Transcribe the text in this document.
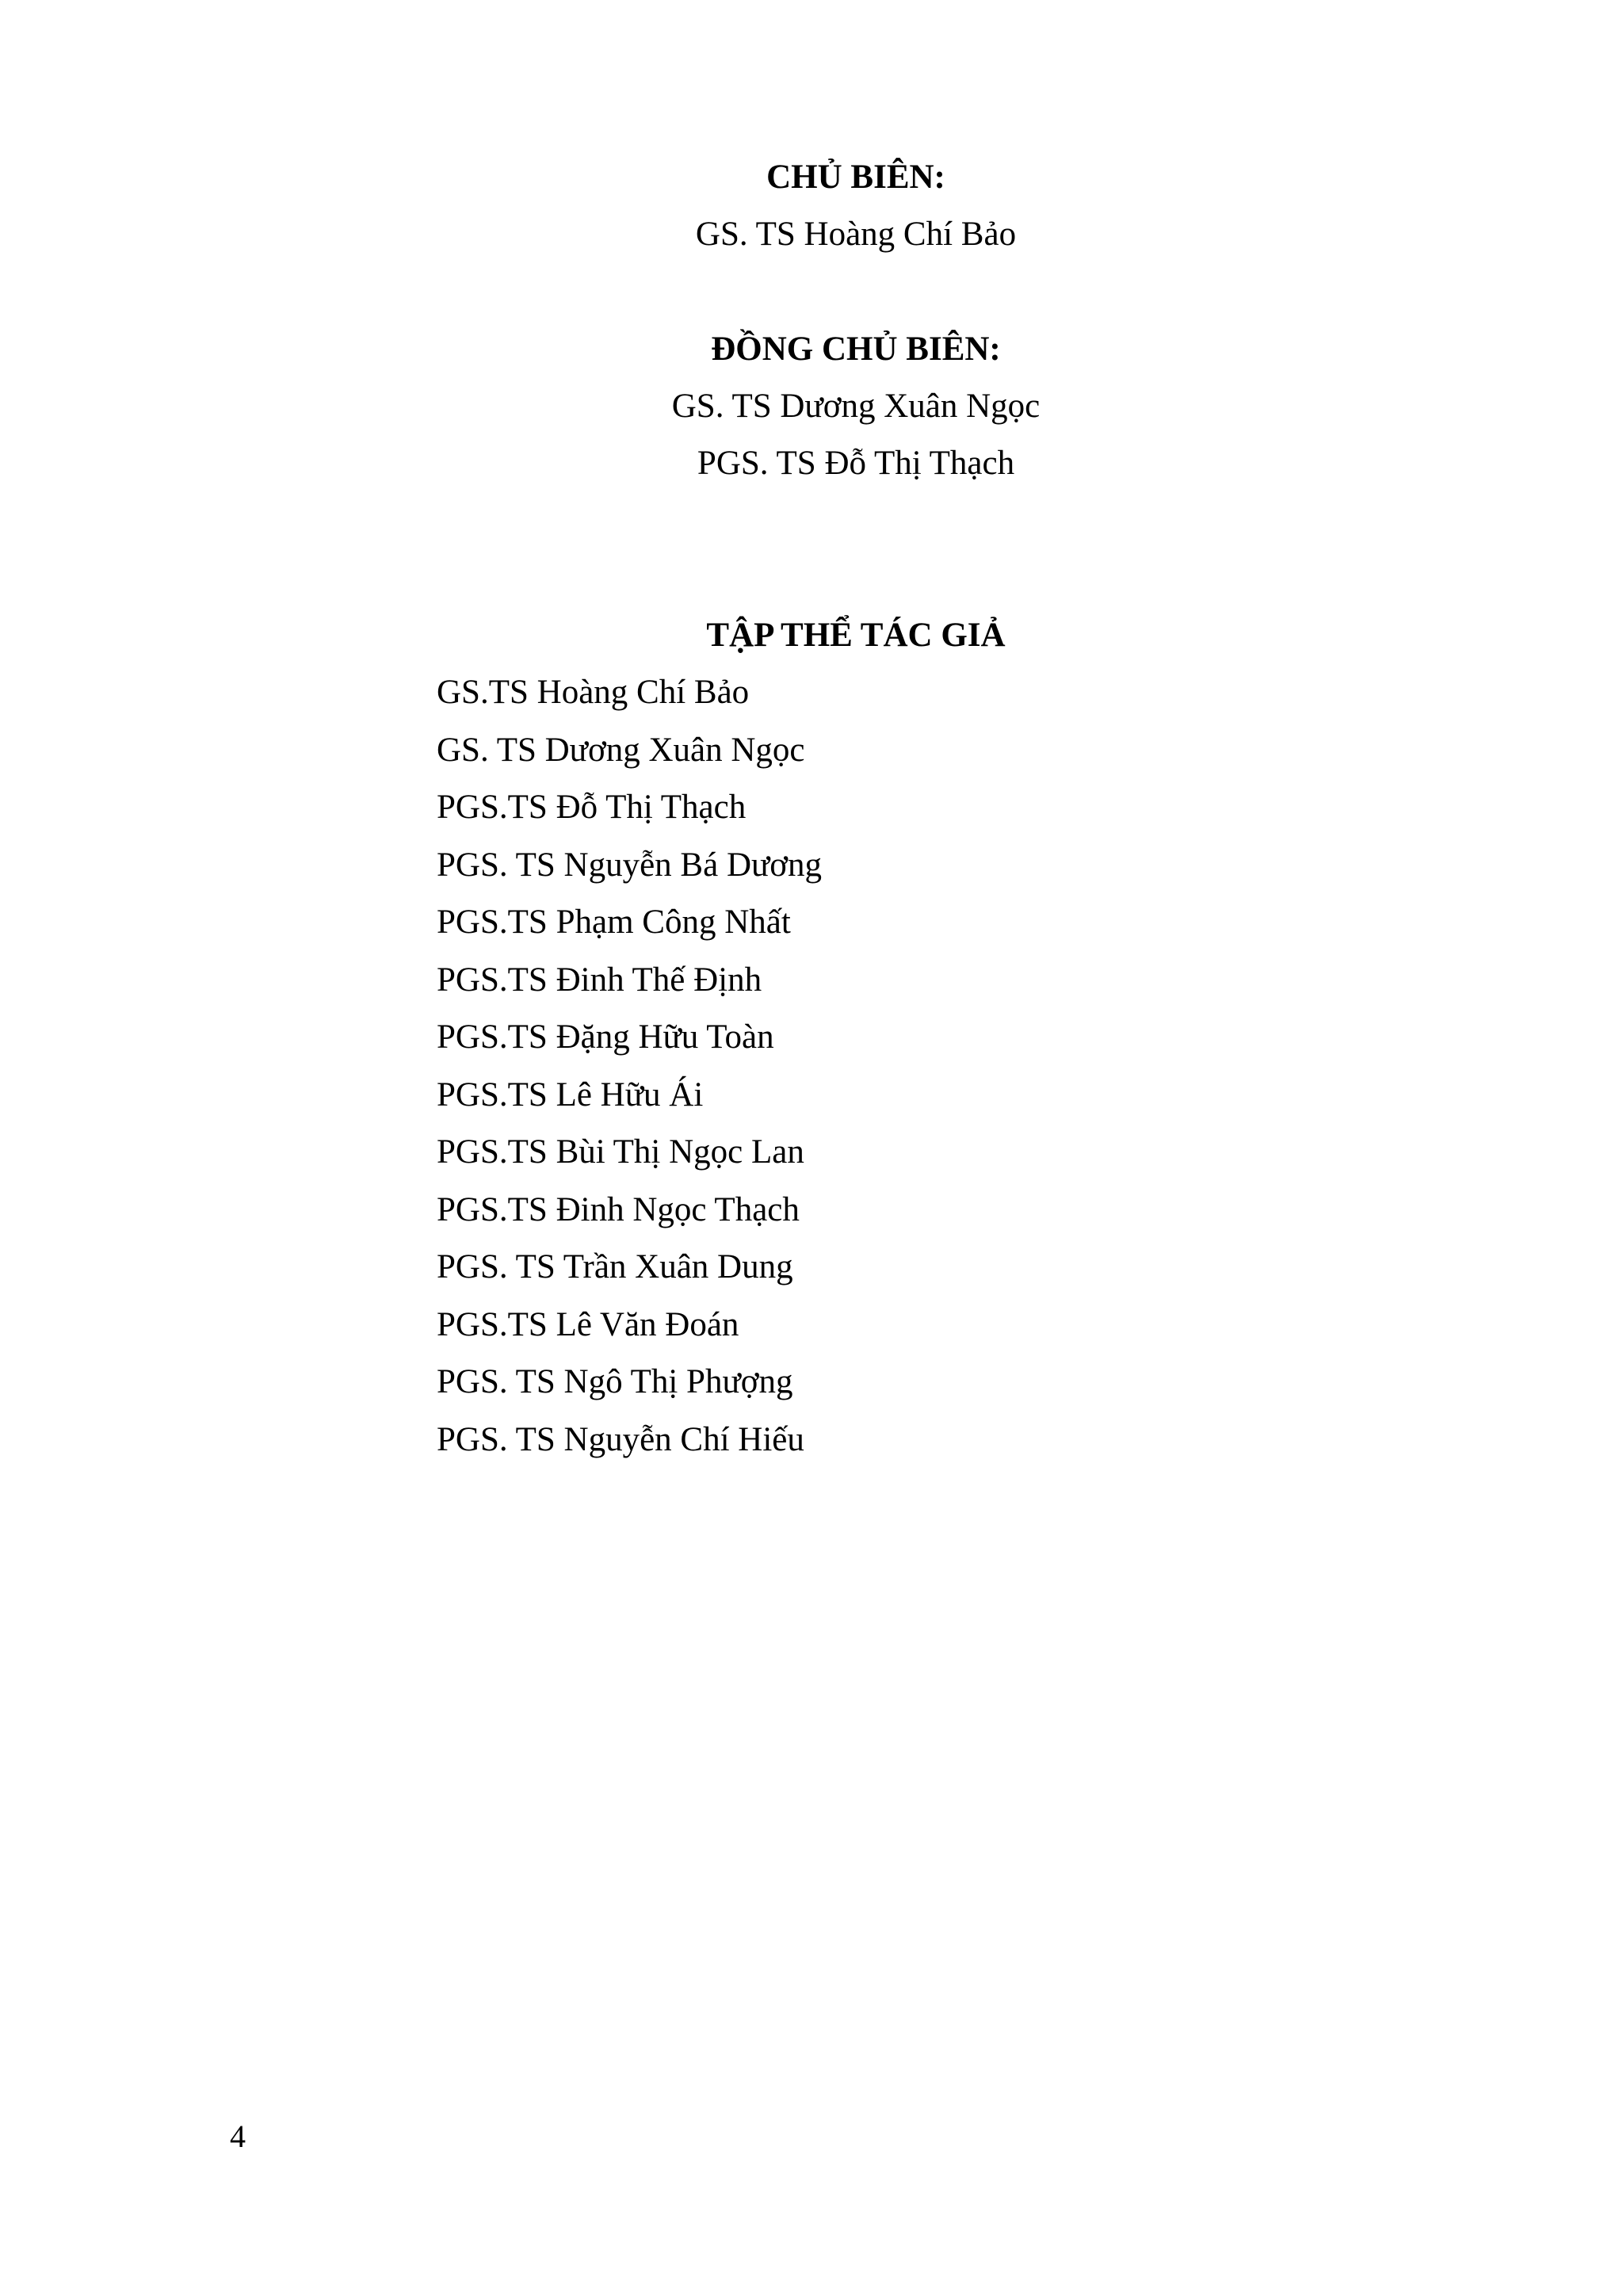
CHỦ BIÊN:

GS. TS Hoàng Chí Bảo

ĐỒNG CHỦ BIÊN:

GS. TS Dương Xuân Ngọc

PGS. TS Đỗ Thị Thạch

TẬP THỂ TÁC GIẢ

GS.TS Hoàng Chí Bảo
GS. TS Dương Xuân Ngọc
PGS.TS Đỗ Thị Thạch
PGS. TS Nguyễn Bá Dương
PGS.TS Phạm Công Nhất
PGS.TS Đinh Thế Định
PGS.TS Đặng Hữu Toàn
PGS.TS Lê Hữu Ái
PGS.TS Bùi Thị Ngọc Lan
PGS.TS Đinh Ngọc Thạch
PGS. TS Trần Xuân Dung
PGS.TS Lê Văn Đoán
PGS. TS Ngô Thị Phượng
PGS. TS Nguyễn Chí Hiếu
4
